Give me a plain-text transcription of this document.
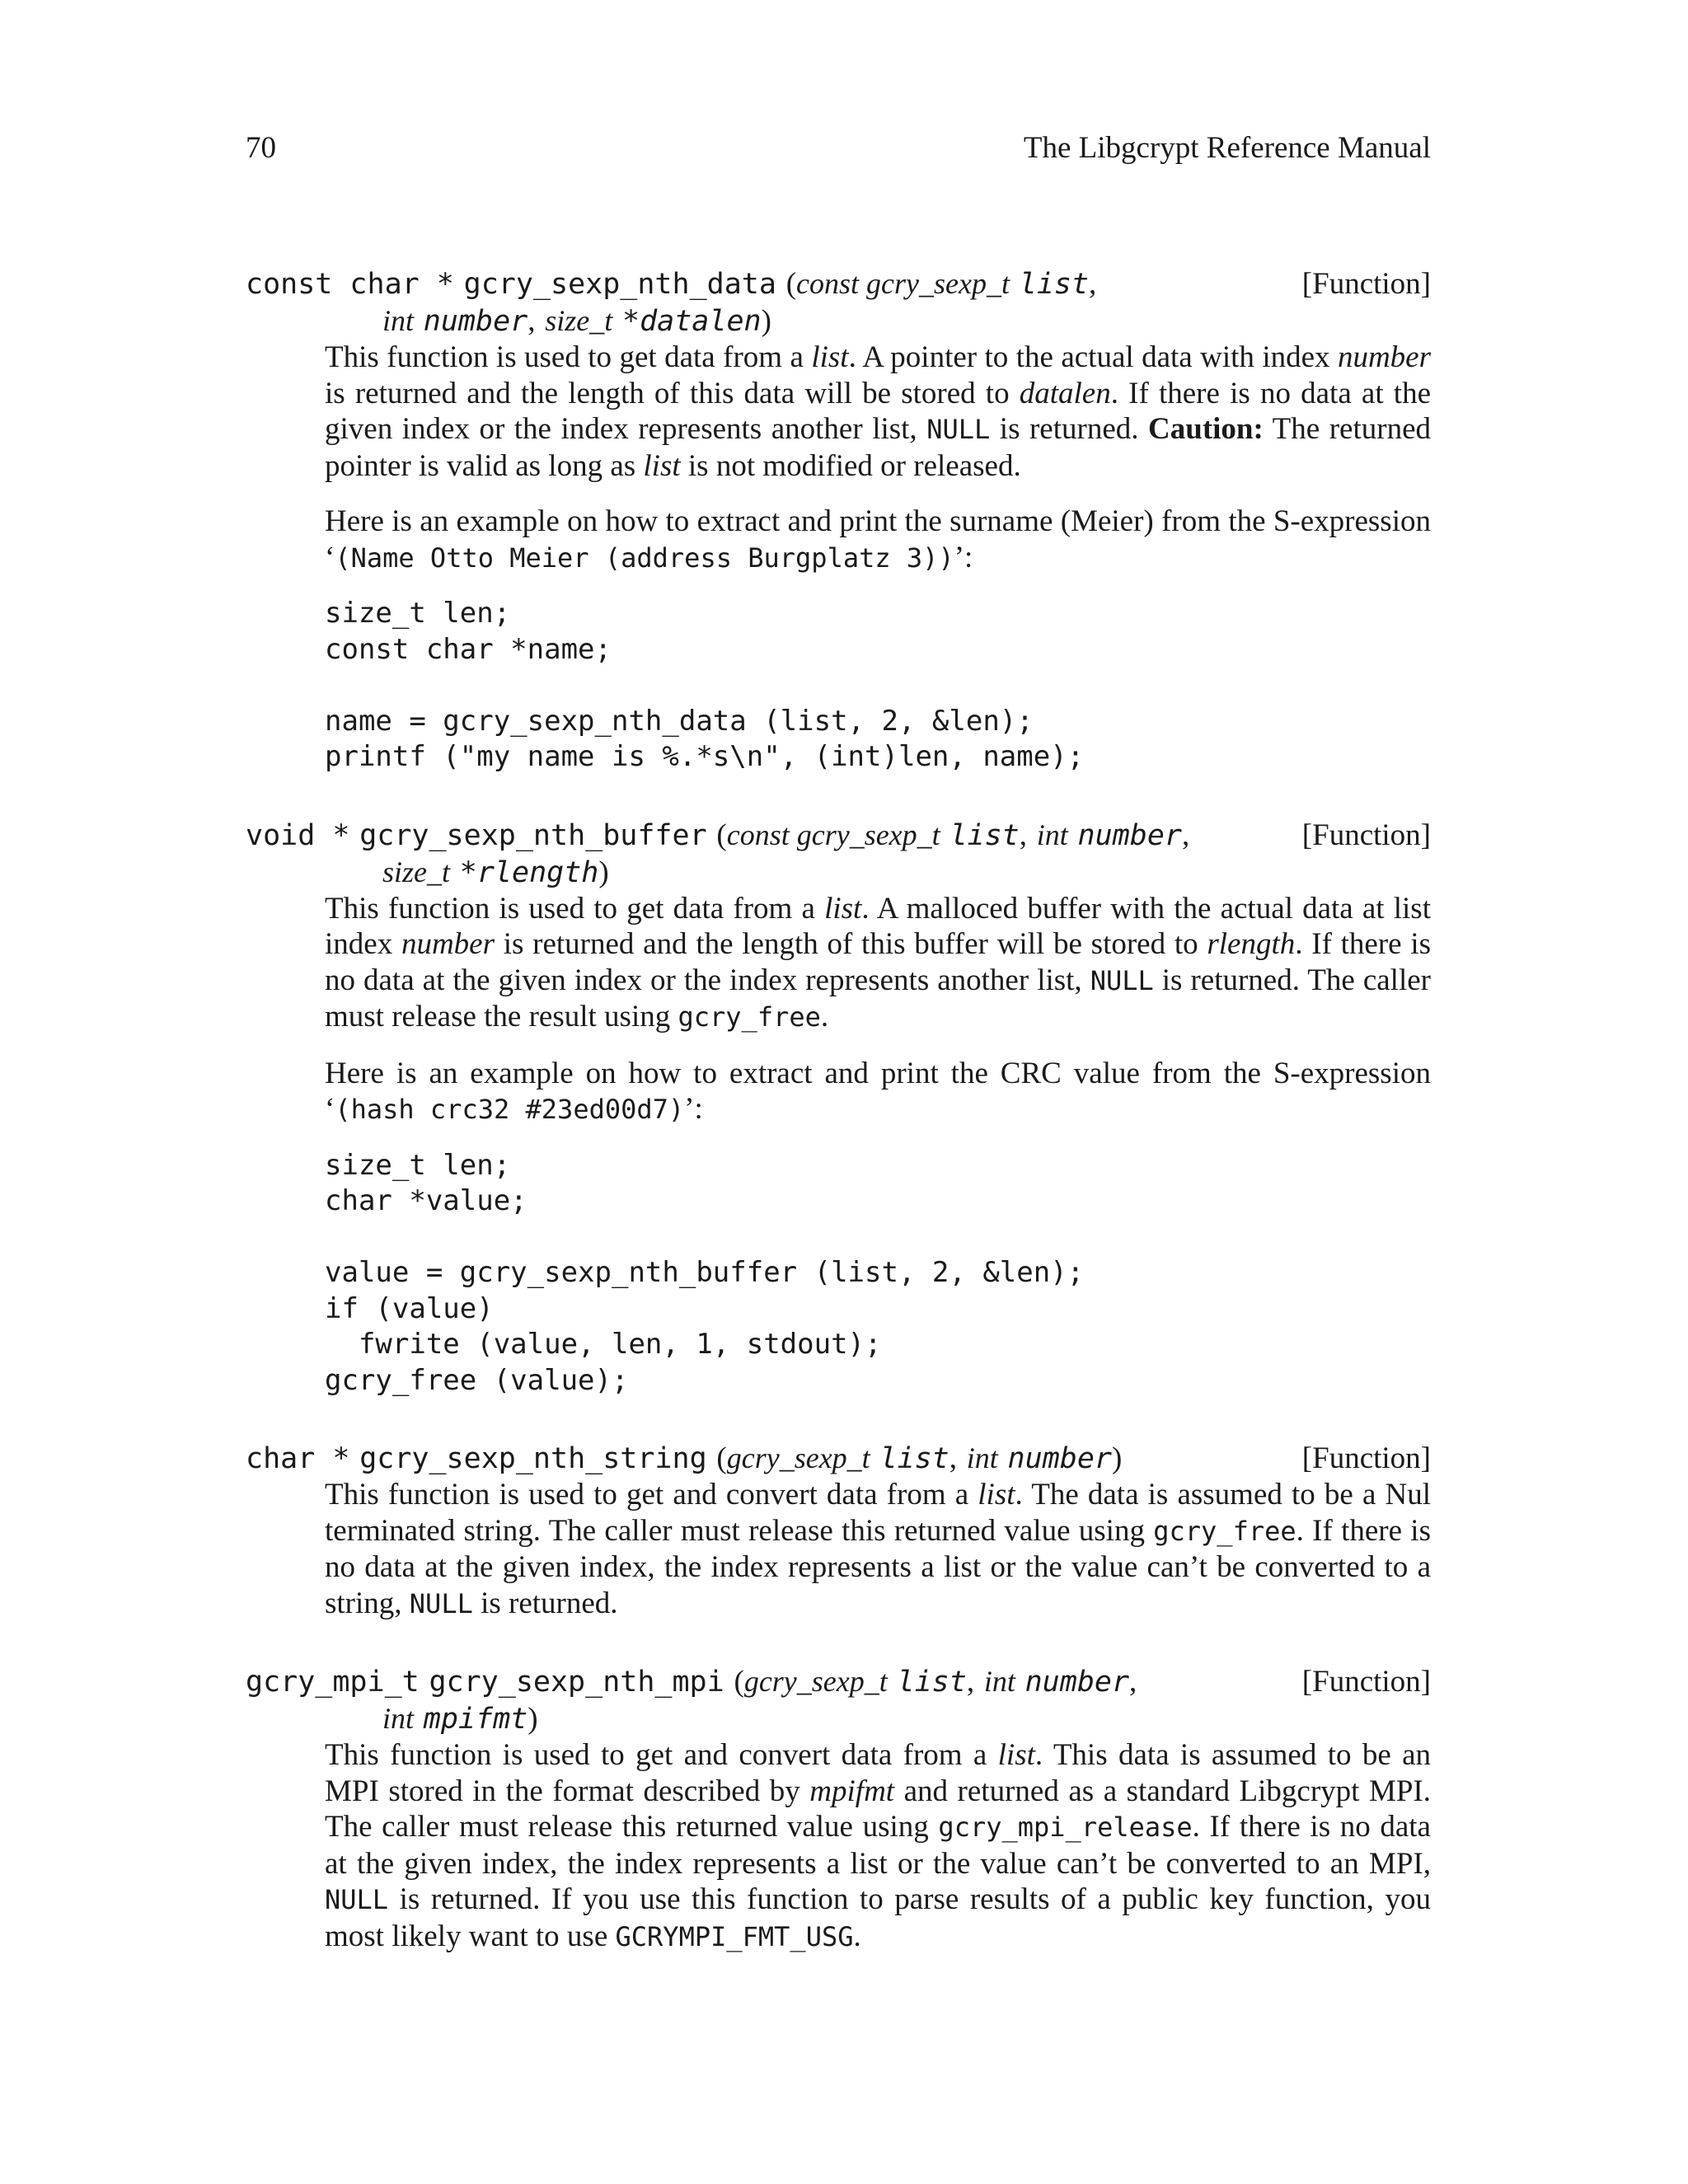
70	The Libgcrypt Reference Manual
const char * gcry_sexp_nth_data (const gcry_sexp_t list,
int number, size_t *datalen)
[Function]

This function is used to get data from a list. A pointer to the actual data with index number is returned and the length of this data will be stored to datalen. If there is no data at the given index or the index represents another list, NULL is returned. Caution: The returned pointer is valid as long as list is not modified or released.

Here is an example on how to extract and print the surname (Meier) from the S-expression ‘(Name Otto Meier (address Burgplatz 3))’:

size_t len;
const char *name;

name = gcry_sexp_nth_data (list, 2, &len);
printf ("my name is %.*s\n", (int)len, name);
void * gcry_sexp_nth_buffer (const gcry_sexp_t list, int number,
size_t *rlength)
[Function]

This function is used to get data from a list. A malloced buffer with the actual data at list index number is returned and the length of this buffer will be stored to rlength. If there is no data at the given index or the index represents another list, NULL is returned. The caller must release the result using gcry_free.

Here is an example on how to extract and print the CRC value from the S-expression ‘(hash crc32 #23ed00d7)’:

size_t len;
char *value;

value = gcry_sexp_nth_buffer (list, 2, &len);
if (value)
fwrite (value, len, 1, stdout);
gcry_free (value);
char * gcry_sexp_nth_string (gcry_sexp_t list, int number)	[Function]

This function is used to get and convert data from a list. The data is assumed to be a Nul terminated string. The caller must release this returned value using gcry_free. If there is no data at the given index, the index represents a list or the value can’t be converted to a string, NULL is returned.

gcry_mpi_t gcry_sexp_nth_mpi (gcry_sexp_t list, int number,
int mpifmt)
[Function]

This function is used to get and convert data from a list. This data is assumed to be an MPI stored in the format described by mpifmt and returned as a standard Libgcrypt MPI. The caller must release this returned value using gcry_mpi_release. If there is no data at the given index, the index represents a list or the value can’t be converted to an MPI, NULL is returned. If you use this function to parse results of a public key function, you most likely want to use GCRYMPI_FMT_USG.
